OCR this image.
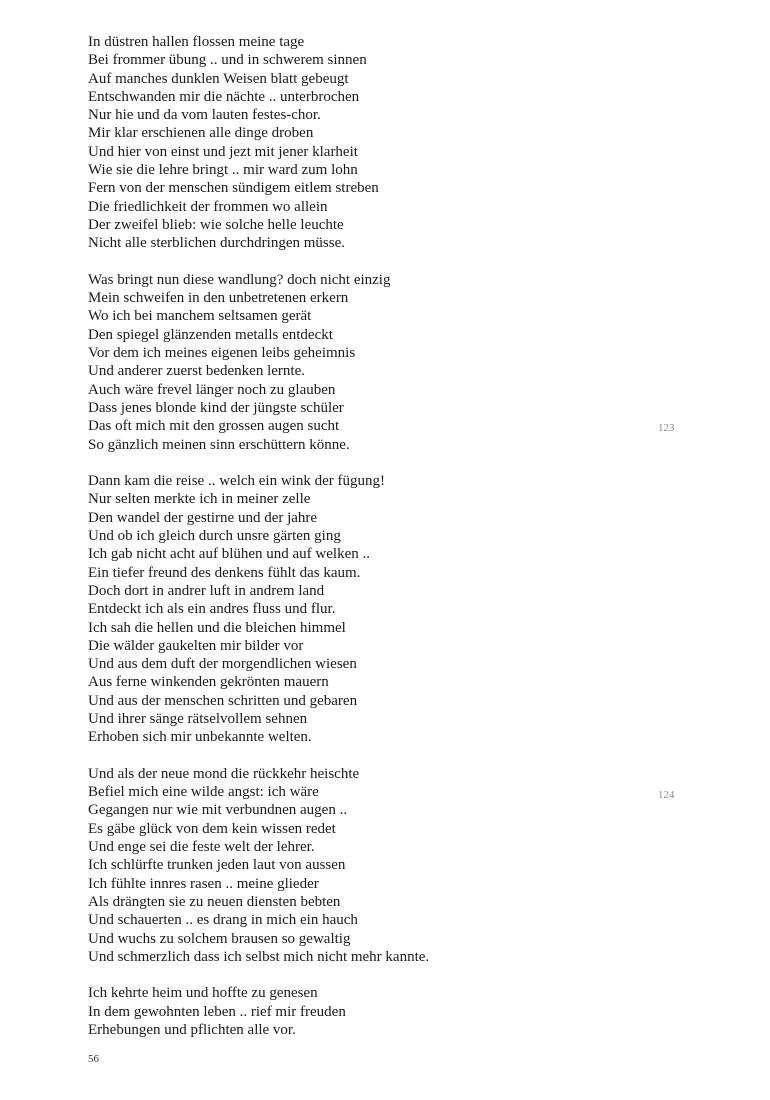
In düstren hallen flossen meine tage
Bei frommer übung .. und in schwerem sinnen
Auf manches dunklen Weisen blatt gebeugt
Entschwanden mir die nächte .. unterbrochen
Nur hie und da vom lauten festes-chor.
Mir klar erschienen alle dinge droben
Und hier von einst und jezt mit jener klarheit
Wie sie die lehre bringt .. mir ward zum lohn
Fern von der menschen sündigem eitlem streben
Die friedlichkeit der frommen wo allein
Der zweifel blieb: wie solche helle leuchte
Nicht alle sterblichen durchdringen müsse.
Was bringt nun diese wandlung? doch nicht einzig
Mein schweifen in den unbetretenen erkern
Wo ich bei manchem seltsamen gerät
Den spiegel glänzenden metalls entdeckt
Vor dem ich meines eigenen leibs geheimnis
Und anderer zuerst bedenken lernte.
Auch wäre frevel länger noch zu glauben
Dass jenes blonde kind der jüngste schüler
Das oft mich mit den grossen augen sucht
So gänzlich meinen sinn erschüttern könne.
Dann kam die reise .. welch ein wink der fügung!
Nur selten merkte ich in meiner zelle
Den wandel der gestirne und der jahre
Und ob ich gleich durch unsre gärten ging
Ich gab nicht acht auf blühen und auf welken ..
Ein tiefer freund des denkens fühlt das kaum.
Doch dort in andrer luft in andrem land
Entdeckt ich als ein andres fluss und flur.
Ich sah die hellen und die bleichen himmel
Die wälder gaukelten mir bilder vor
Und aus dem duft der morgendlichen wiesen
Aus ferne winkenden gekrönten mauern
Und aus der menschen schritten und gebaren
Und ihrer sänge rätselvollem sehnen
Erhoben sich mir unbekannte welten.
Und als der neue mond die rückkehr heischte
Befiel mich eine wilde angst: ich wäre
Gegangen nur wie mit verbundnen augen ..
Es gäbe glück von dem kein wissen redet
Und enge sei die feste welt der lehrer.
Ich schlürfte trunken jeden laut von aussen
Ich fühlte innres rasen .. meine glieder
Als drängten sie zu neuen diensten bebten
Und schauerten .. es drang in mich ein hauch
Und wuchs zu solchem brausen so gewaltig
Und schmerzlich dass ich selbst mich nicht mehr kannte.
Ich kehrte heim und hoffte zu genesen
In dem gewohnten leben .. rief mir freuden
Erhebungen und pflichten alle vor.
123
124
56
